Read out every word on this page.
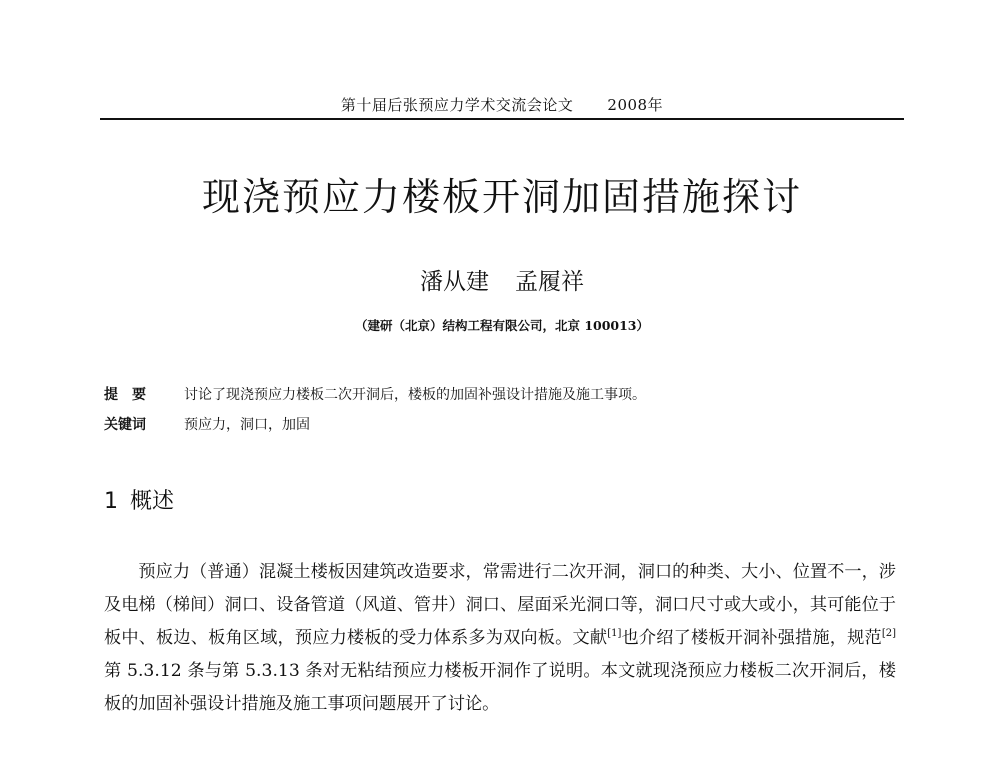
第十届后张预应力学术交流会论文 2008年
现浇预应力楼板开洞加固措施探讨
潘从建 孟履祥
（建研（北京）结构工程有限公司，北京 100013）
提要	讨论了现浇预应力楼板二次开洞后，楼板的加固补强设计措施及施工事项。
关键词	预应力，洞口，加固
1 概述
预应力（普通）混凝土楼板因建筑改造要求，常需进行二次开洞，洞口的种类、大小、位置不一，涉及电梯（梯间）洞口、设备管道（风道、管井）洞口、屋面采光洞口等，洞口尺寸或大或小，其可能位于板中、板边、板角区域，预应力楼板的受力体系多为双向板。文献[1]也介绍了楼板开洞补强措施，规范[2]第 5.3.12 条与第 5.3.13 条对无粘结预应力楼板开洞作了说明。本文就现浇预应力楼板二次开洞后，楼板的加固补强设计措施及施工事项问题展开了讨论。
